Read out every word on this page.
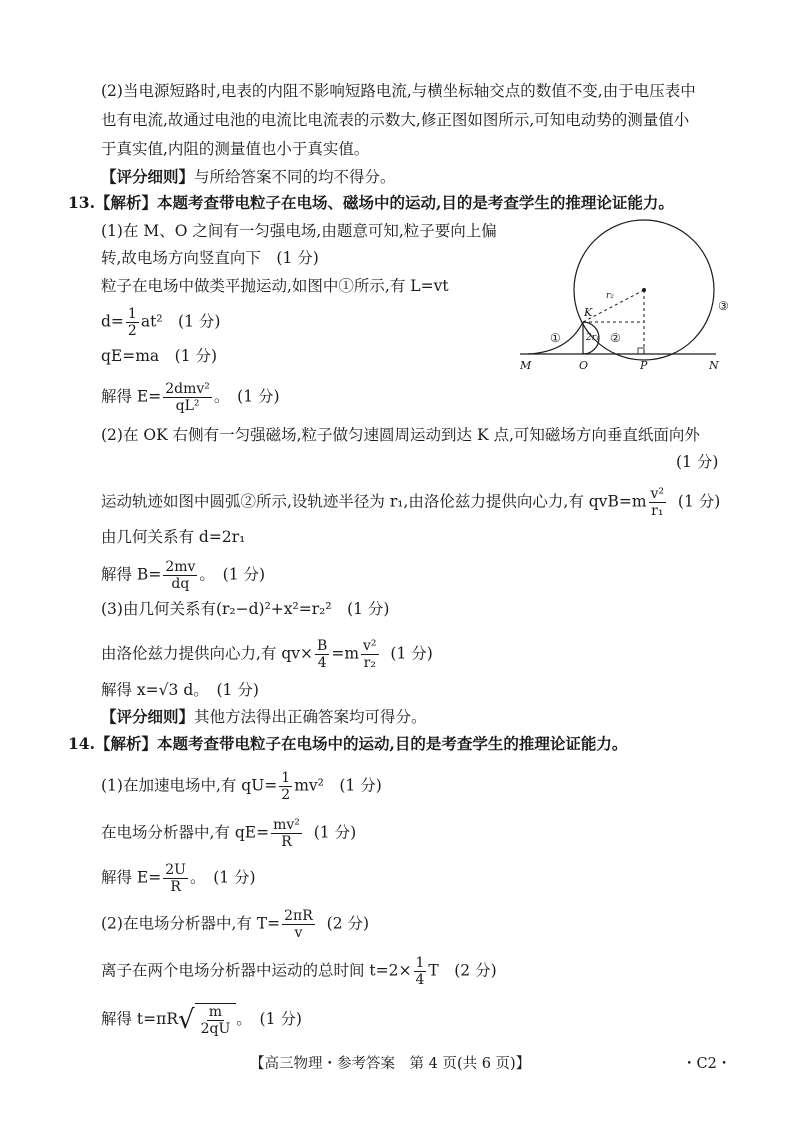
(2)当电源短路时,电表的内阻不影响短路电流,与横坐标轴交点的数值不变,由于电压表中
也有电流,故通过电池的电流比电流表的示数大,修正图如图所示,可知电动势的测量值小
于真实值,内阻的测量值也小于真实值。
【评分细则】与所给答案不同的均不得分。
13.【解析】本题考查带电粒子在电场、磁场中的运动,目的是考查学生的推理论证能力。
(1)在 M、O 之间有一匀强电场,由题意可知,粒子要向上偏
转,故电场方向竖直向下　(1 分)
粒子在电场中做类平抛运动,如图中①所示,有 L=vt
$d= \frac{1}{2} at^2$　(1 分)
qE=ma　(1 分)
解得 $E= \frac{\text{2dmv²}}{\text{qL²}}$ 。　(1 分)
(2)在 OK 右侧有一匀强磁场,粒子做匀速圆周运动到达 K 点,可知磁场方向垂直纸面向外
(1 分)
运动轨迹如图中圆弧②所示,设轨迹半径为 r₁,由洛伦兹力提供向心力,有 $qvB=m \frac{\text{v²}}{\text{r₁}} (1$ 分)
由几何关系有 d=2r₁
解得 $B= \frac{2mv}{dq}$ 。　(1 分)
(3)由几何关系有(r₂−d)²+x²=r₂²　(1 分)
由洛伦兹力提供向心力,有 $qv\times \frac{B}{4} =m \frac{\text{v²}}{\text{r₂}} (1$ 分)
解得 x=√3 d。　(1 分)
【评分细则】其他方法得出正确答案均可得分。
M	O	P	N
K
r₂
2r₁
①	②
③
14.【解析】本题考查带电粒子在电场中的运动,目的是考查学生的推理论证能力。
(1)在加速电场中,有 $qU= \frac{1}{2} mv^2$　(1 分)
在电场分析器中,有 $qE= \frac{\text{mv²}}{R} (1$ 分)
解得 $E= \frac{2U}{R}$ 。　(1 分)
(2)在电场分析器中,有 $T= \frac{2\pi R}{v} (2$ 分)
离子在两个电场分析器中运动的总时间 $t=2\times \frac{1}{4}$ T　(2 分)
解得 t=πR √ $\frac{m}{2qU}$ 。　(1 分)
【高三物理・参考答案　第 4 页(共 6 页)】	・C2・
